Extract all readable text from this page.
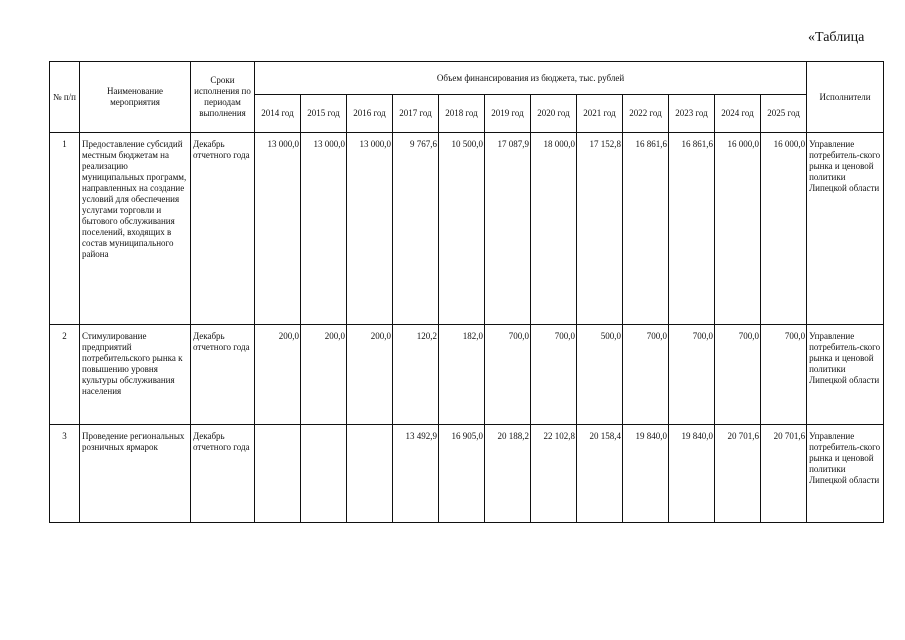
«Таблица
№ п/п	Наименование мероприятия	Сроки исполнения по периодам выполнения	Объем финансирования из бюджета, тыс. рублей												Исполнители
			2014 год	2015 год	2016 год	2017 год	2018 год	2019 год	2020 год	2021 год	2022 год	2023 год	2024 год	2025 год	
1	Предоставление субсидий местным бюджетам на реализацию муниципальных программ, направленных на создание условий для обеспечения услугами торговли и бытового обслуживания поселений, входящих в состав муниципального района	Декабрь отчетного года	13 000,0	13 000,0	13 000,0	9 767,6	10 500,0	17 087,9	18 000,0	17 152,8	16 861,6	16 861,6	16 000,0	16 000,0	Управление потребитель-ского рынка и ценовой политики Липецкой области
2	Стимулирование предприятий потребительского рынка к повышению уровня культуры обслуживания населения	Декабрь отчетного года	200,0	200,0	200,0	120,2	182,0	700,0	700,0	500,0	700,0	700,0	700,0	700,0	Управление потребитель-ского рынка и ценовой политики Липецкой области
3	Проведение региональных розничных ярмарок	Декабрь отчетного года				13 492,9	16 905,0	20 188,2	22 102,8	20 158,4	19 840,0	19 840,0	20 701,6	20 701,6	Управление потребитель-ского рынка и ценовой политики Липецкой области
